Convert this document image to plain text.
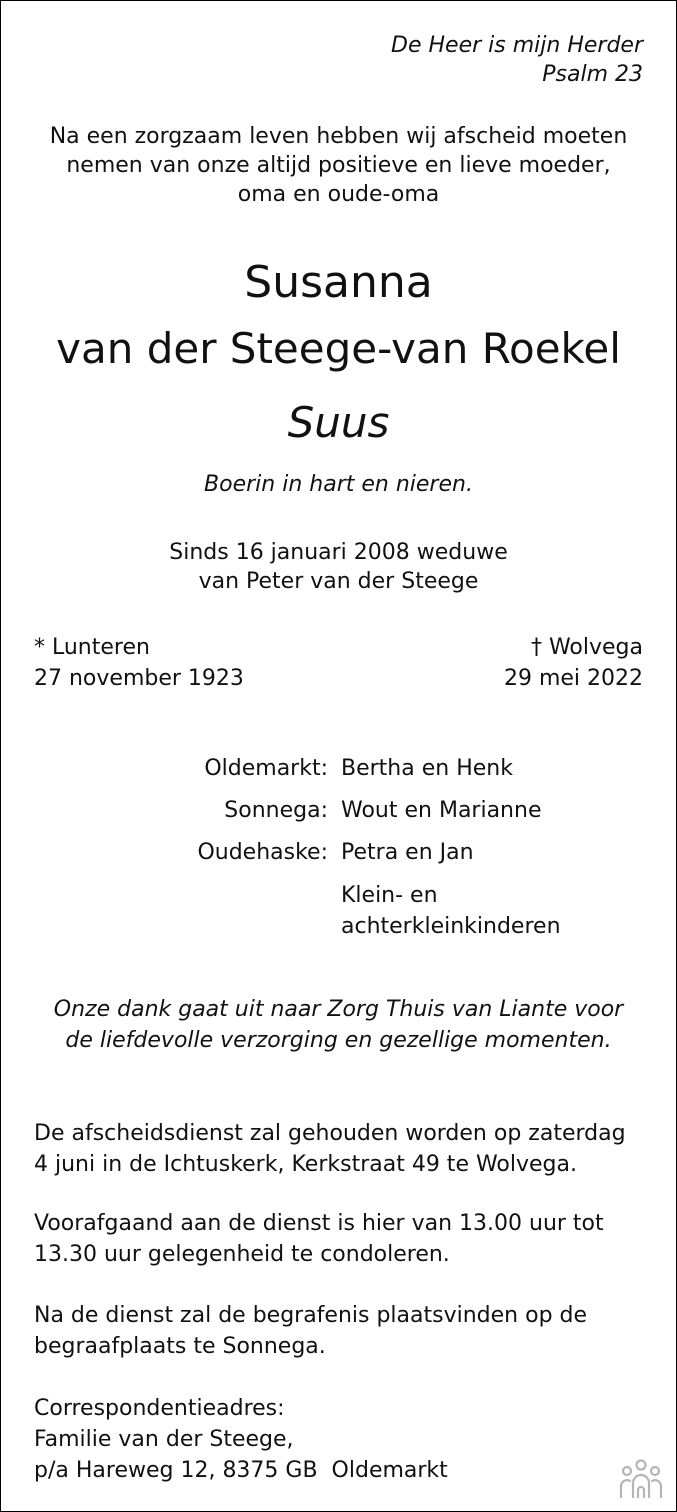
De Heer is mijn Herder
Psalm 23
Na een zorgzaam leven hebben wij afscheid moeten
nemen van onze altijd positieve en lieve moeder,
oma en oude-oma
Susanna
van der Steege-van Roekel
Suus
Boerin in hart en nieren.
Sinds 16 januari 2008 weduwe
van Peter van der Steege
* Lunteren
27 november 1923
† Wolvega
29 mei 2022
Oldemarkt: Bertha en Henk
Sonnega: Wout en Marianne
Oudehaske: Petra en Jan
Klein- en
achterkleinkinderen
Onze dank gaat uit naar Zorg Thuis van Liante voor
de liefdevolle verzorging en gezellige momenten.
De afscheidsdienst zal gehouden worden op zaterdag
4 juni in de Ichtuskerk, Kerkstraat 49 te Wolvega.
Voorafgaand aan de dienst is hier van 13.00 uur tot
13.30 uur gelegenheid te condoleren.
Na de dienst zal de begrafenis plaatsvinden op de
begraafplaats te Sonnega.
Correspondentieadres:
Familie van der Steege,
p/a Hareweg 12, 8375 GB  Oldemarkt
